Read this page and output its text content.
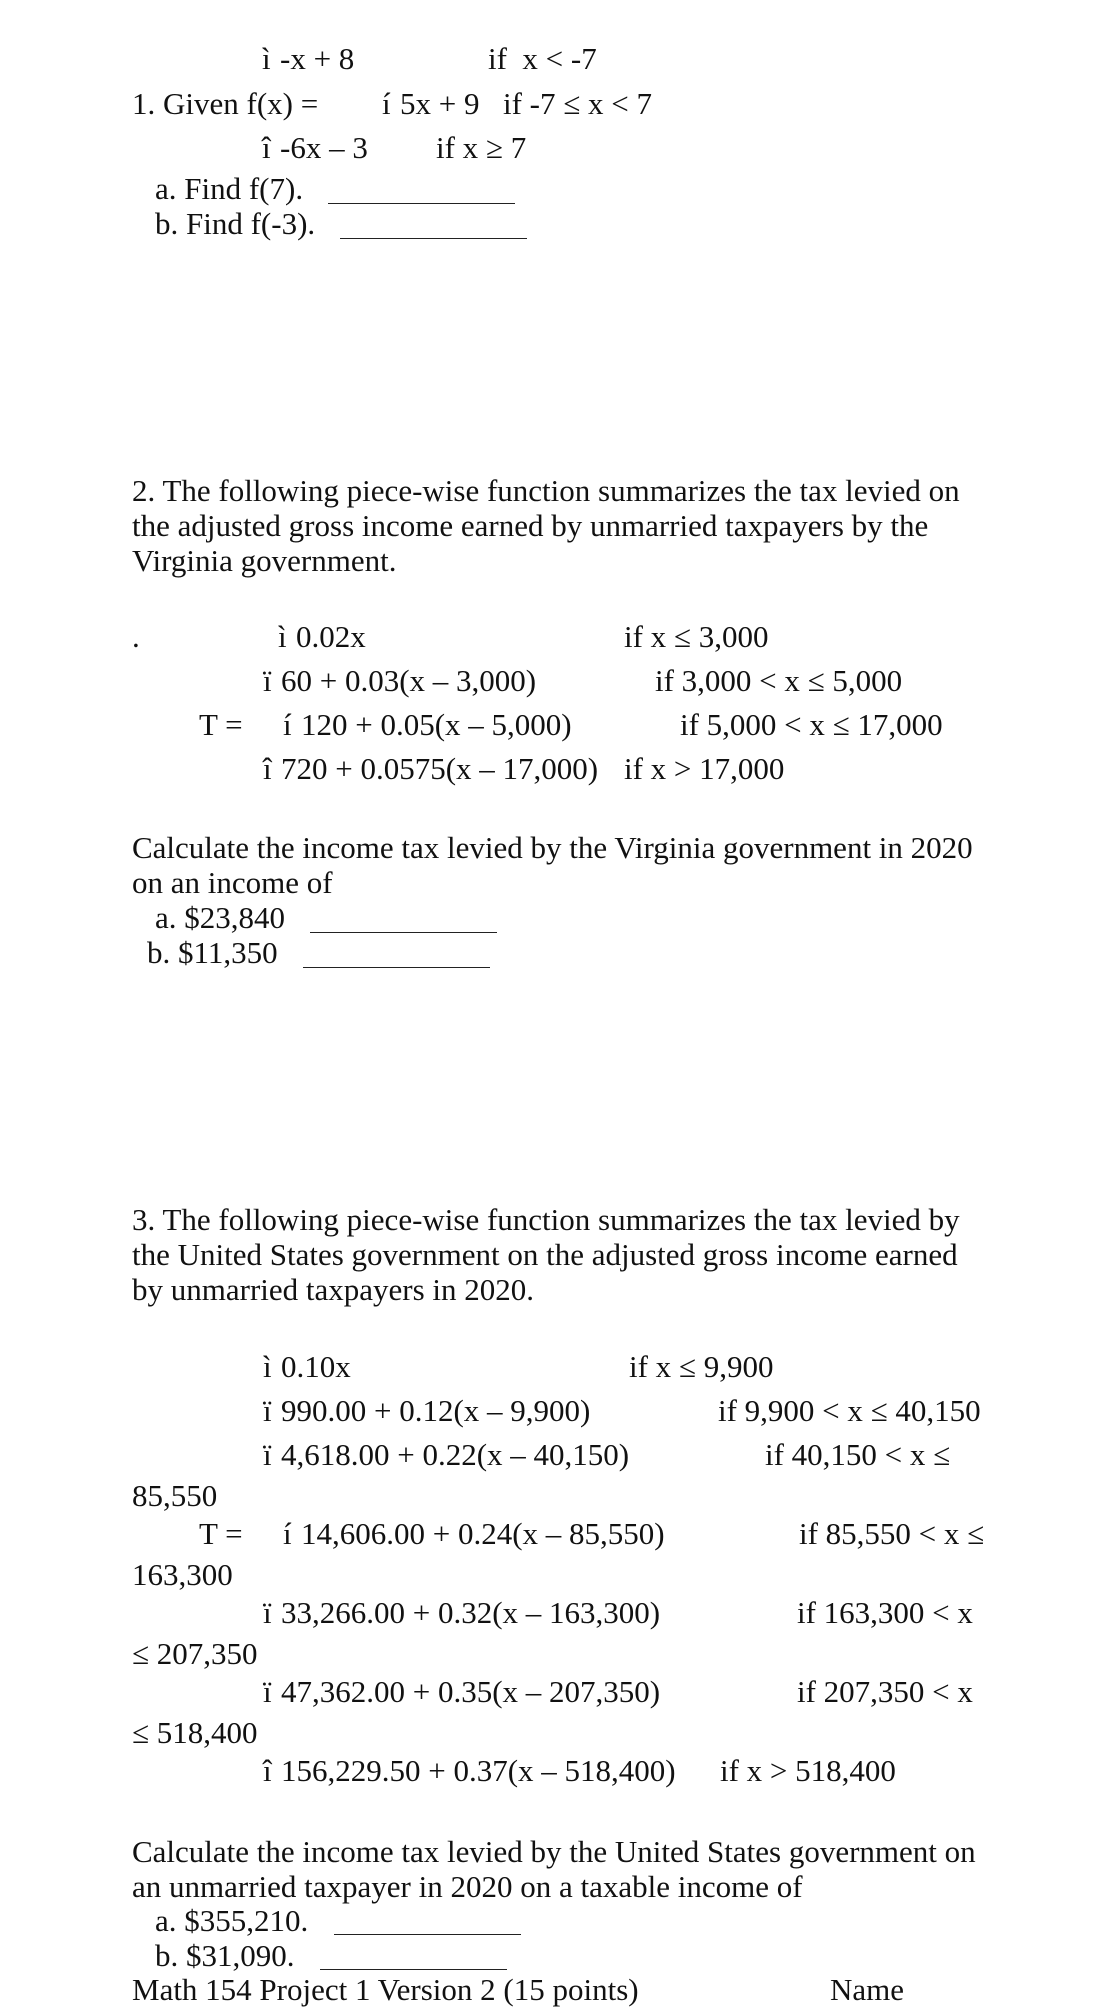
ì -x + 8	if  x < -7
1. Given f(x) = í 5x + 9 if -7 ≤ x < 7
î -6x – 3 if x ≥ 7
a. Find f(7).
b. Find f(-3).
2. The following piece-wise function summarizes the tax levied on
the adjusted gross income earned by unmarried taxpayers by the
Virginia government.
.	ì 0.02x	if x ≤ 3,000
ï 60 + 0.03(x – 3,000)	if 3,000 < x ≤ 5,000
T = í 120 + 0.05(x – 5,000)	if 5,000 < x ≤ 17,000
î 720 + 0.0575(x – 17,000) if x > 17,000
Calculate the income tax levied by the Virginia government in 2020
on an income of
a. $23,840
b. $11,350
3. The following piece-wise function summarizes the tax levied by
the United States government on the adjusted gross income earned
by unmarried taxpayers in 2020.
ì 0.10x	if x ≤ 9,900
ï 990.00 + 0.12(x – 9,900)	if 9,900 < x ≤ 40,150
ï 4,618.00 + 0.22(x – 40,150)	if 40,150 < x ≤
85,550
T = í 14,606.00 + 0.24(x – 85,550)	if 85,550 < x ≤
163,300
ï 33,266.00 + 0.32(x – 163,300)	if 163,300 < x
≤ 207,350
ï 47,362.00 + 0.35(x – 207,350)	if 207,350 < x
≤ 518,400
î 156,229.50 + 0.37(x – 518,400) if x > 518,400
Calculate the income tax levied by the United States government on
an unmarried taxpayer in 2020 on a taxable income of
a. $355,210.
b. $31,090.
Math 154 Project 1 Version 2 (15 points)	Name
